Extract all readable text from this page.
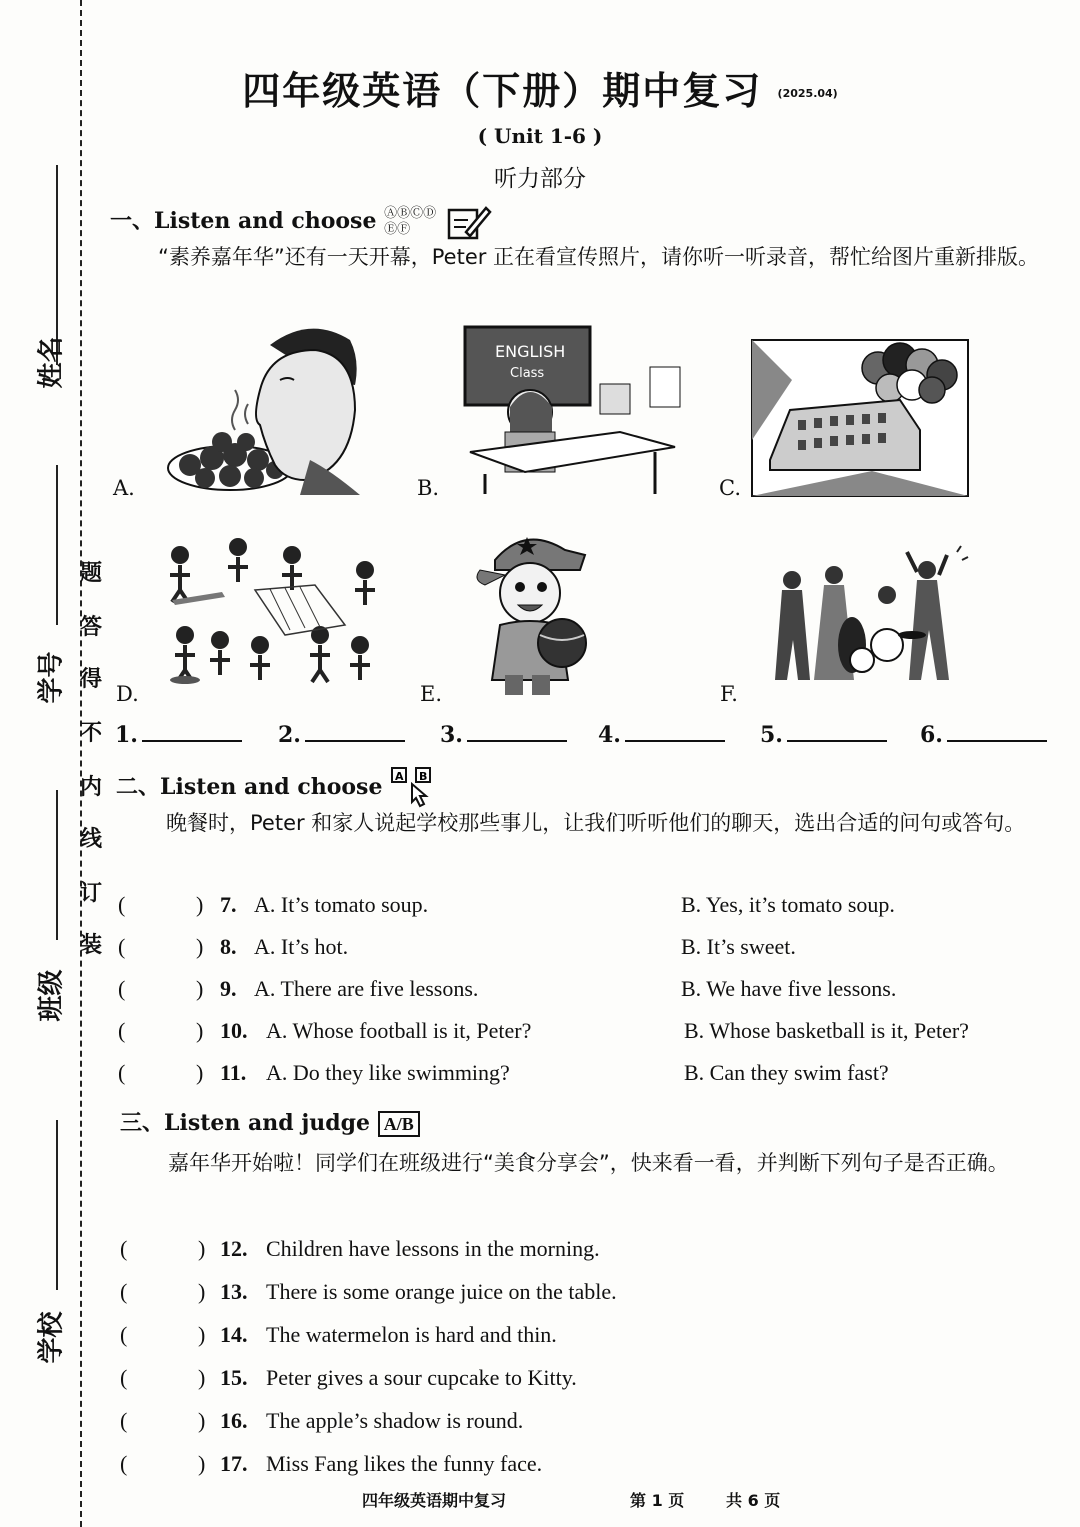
姓名
学号
班级
学校
题
答
得
不
内
线
订
装
四年级英语（下册）期中复习 (2025.04)
( Unit 1-6 )
听力部分
一、Listen and choose ⒶⒷⒸⒹⒺⒻ
“素养嘉年华”还有一天开幕，Peter 正在看宣传照片，请你听一听录音，帮忙给图片重新排版。
A.	B.
ENGLISH
Class
C.
D.	E.	F.
1.	2.	3.	4.	5.	6.
二、Listen and choose A B
晚餐时，Peter 和家人说起学校那些事儿，让我们听听他们的聊天，选出合适的问句或答句。
(	) 7. A. It’s tomato soup.	B. Yes, it’s tomato soup.
(	) 8. A. It’s hot.	B. It’s sweet.
(	) 9. A. There are five lessons.	B. We have five lessons.
(	) 10. A. Whose football is it, Peter?	B. Whose basketball is it, Peter?
(	) 11. A. Do they like swimming?	B. Can they swim fast?
三、Listen and judge A/B
嘉年华开始啦！同学们在班级进行“美食分享会”，快来看一看，并判断下列句子是否正确。
(	) 12. Children have lessons in the morning.
(	) 13. There is some orange juice on the table.
(	) 14. The watermelon is hard and thin.
(	) 15. Peter gives a sour cupcake to Kitty.
(	) 16. The apple’s shadow is round.
(	) 17. Miss Fang likes the funny face.
四年级英语期中复习	第 1 页	共 6 页
